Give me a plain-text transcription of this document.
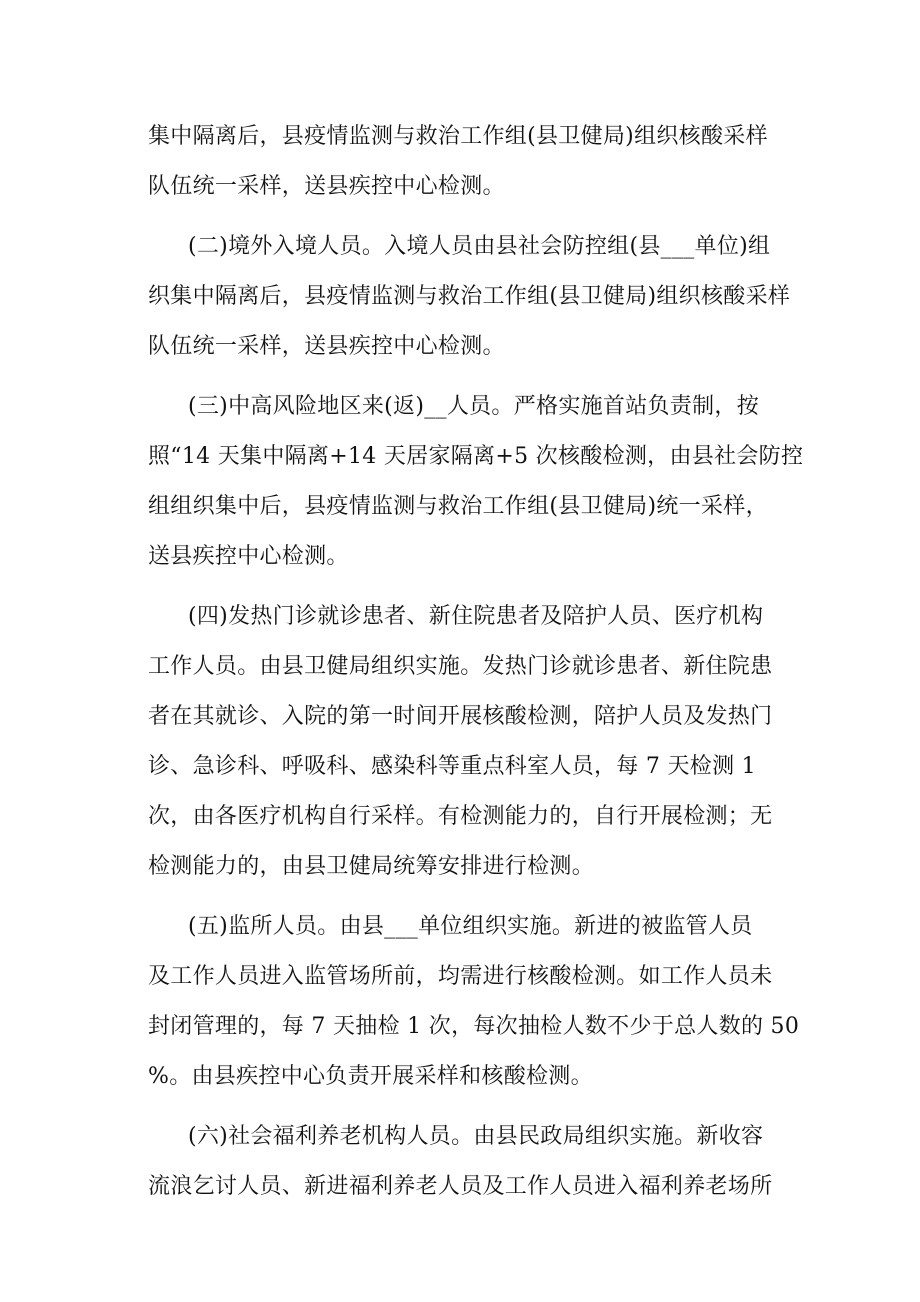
集中隔离后，县疫情监测与救治工作组(县卫健局)组织核酸采样
队伍统一采样，送县疾控中心检测。
(二)境外入境人员。入境人员由县社会防控组(县___单位)组
织集中隔离后，县疫情监测与救治工作组(县卫健局)组织核酸采样
队伍统一采样，送县疾控中心检测。
(三)中高风险地区来(返)__人员。严格实施首站负责制，按
照“14 天集中隔离+14 天居家隔离+5 次核酸检测，由县社会防控
组组织集中后，县疫情监测与救治工作组(县卫健局)统一采样，
送县疾控中心检测。
(四)发热门诊就诊患者、新住院患者及陪护人员、医疗机构
工作人员。由县卫健局组织实施。发热门诊就诊患者、新住院患
者在其就诊、入院的第一时间开展核酸检测，陪护人员及发热门
诊、急诊科、呼吸科、感染科等重点科室人员，每 7 天检测 1
次，由各医疗机构自行采样。有检测能力的，自行开展检测；无
检测能力的，由县卫健局统筹安排进行检测。
(五)监所人员。由县___单位组织实施。新进的被监管人员
及工作人员进入监管场所前，均需进行核酸检测。如工作人员未
封闭管理的，每 7 天抽检 1 次，每次抽检人数不少于总人数的 50
%。由县疾控中心负责开展采样和核酸检测。
(六)社会福利养老机构人员。由县民政局组织实施。新收容
流浪乞讨人员、新进福利养老人员及工作人员进入福利养老场所
